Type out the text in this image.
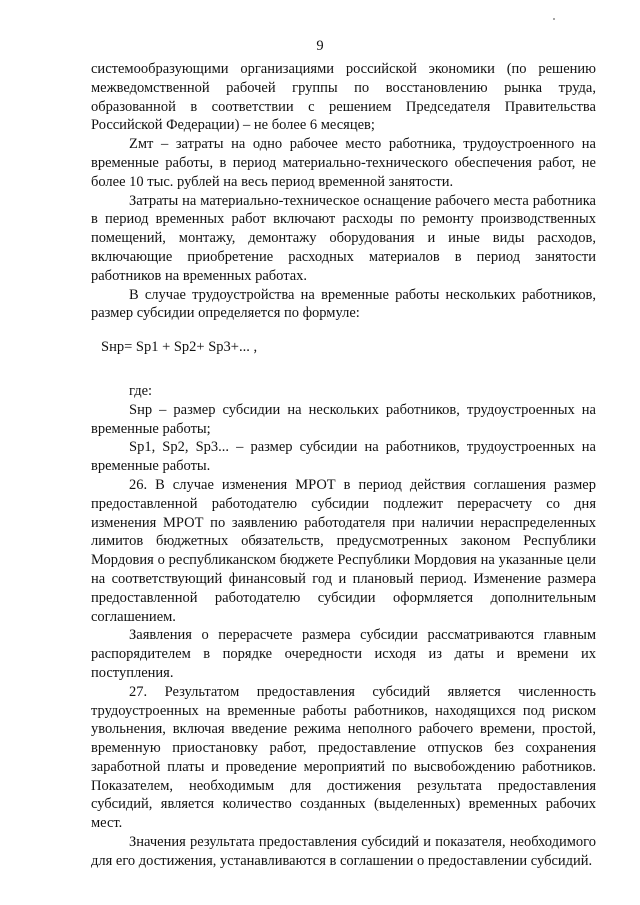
9

системообразующими организациями российской экономики (по решению межведомственной рабочей группы по восстановлению рынка труда, образованной в соответствии с решением Председателя Правительства Российской Федерации) – не более 6 месяцев;

Zмт – затраты на одно рабочее место работника, трудоустроенного на временные работы, в период материально-технического обеспечения работ, не более 10 тыс. рублей на весь период временной занятости.

Затраты на материально-техническое оснащение рабочего места работника в период временных работ включают расходы по ремонту производственных помещений, монтажу, демонтажу оборудования и иные виды расходов, включающие приобретение расходных материалов в период занятости работников на временных работах.

В случае трудоустройства на временные работы нескольких работников, размер субсидии определяется по формуле:

Sнр= Sp1 + Sp2+ Sp3+... ,

где:

Sнр – размер субсидии на нескольких работников, трудоустроенных на временные работы;

Sp1, Sp2, Sp3... – размер субсидии на работников, трудоустроенных на временные работы.

26. В случае изменения МРОТ в период действия соглашения размер предоставленной работодателю субсидии подлежит перерасчету со дня изменения МРОТ по заявлению работодателя при наличии нераспределенных лимитов бюджетных обязательств, предусмотренных законом Республики Мордовия о республиканском бюджете Республики Мордовия на указанные цели на соответствующий финансовый год и плановый период. Изменение размера предоставленной работодателю субсидии оформляется дополнительным соглашением.

Заявления о перерасчете размера субсидии рассматриваются главным распорядителем в порядке очередности исходя из даты и времени их поступления.

27. Результатом предоставления субсидий является численность трудоустроенных на временные работы работников, находящихся под риском увольнения, включая введение режима неполного рабочего времени, простой, временную приостановку работ, предоставление отпусков без сохранения заработной платы и проведение мероприятий по высвобождению работников. Показателем, необходимым для достижения результата предоставления субсидий, является количество созданных (выделенных) временных рабочих мест.

Значения результата предоставления субсидий и показателя, необходимого для его достижения, устанавливаются в соглашении о предоставлении субсидий.
